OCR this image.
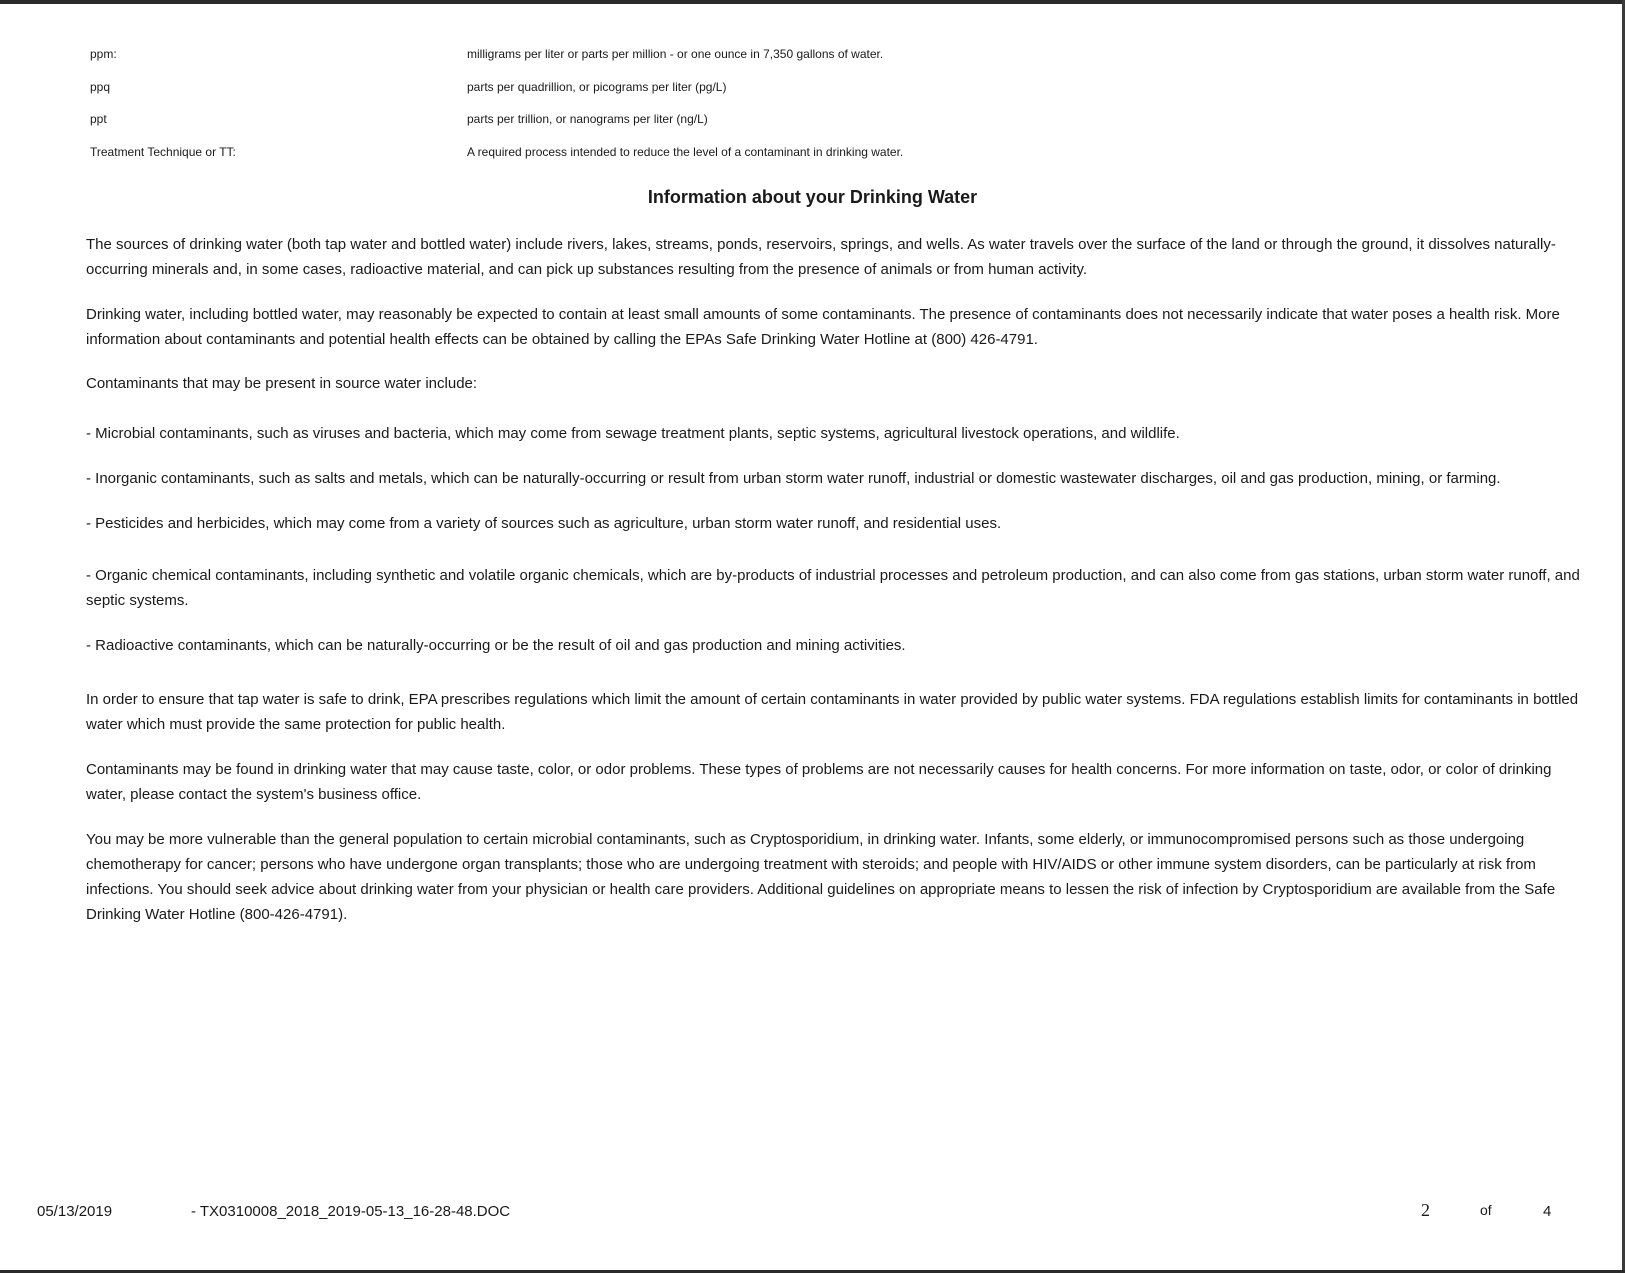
ppm:	milligrams per liter or parts per million - or one ounce in 7,350 gallons of water.
ppq	parts per quadrillion, or picograms per liter (pg/L)
ppt	parts per trillion, or nanograms per liter (ng/L)
Treatment Technique or TT:	A required process intended to reduce the level of a contaminant in drinking water.
Information about your Drinking Water

The sources of drinking water (both tap water and bottled water) include rivers, lakes, streams, ponds, reservoirs, springs, and wells. As water travels over the surface of the land or through the ground, it dissolves naturally-occurring minerals and, in some cases, radioactive material, and can pick up substances resulting from the presence of animals or from human activity.

Drinking water, including bottled water, may reasonably be expected to contain at least small amounts of some contaminants. The presence of contaminants does not necessarily indicate that water poses a health risk. More information about contaminants and potential health effects can be obtained by calling the EPAs Safe Drinking Water Hotline at (800) 426-4791.

Contaminants that may be present in source water include:

- Microbial contaminants, such as viruses and bacteria, which may come from sewage treatment plants, septic systems, agricultural livestock operations, and wildlife.

- Inorganic contaminants, such as salts and metals, which can be naturally-occurring or result from urban storm water runoff, industrial or domestic wastewater discharges, oil and gas production, mining, or farming.

- Pesticides and herbicides, which may come from a variety of sources such as agriculture, urban storm water runoff, and residential uses.

- Organic chemical contaminants, including synthetic and volatile organic chemicals, which are by-products of industrial processes and petroleum production, and can also come from gas stations, urban storm water runoff, and septic systems.

- Radioactive contaminants, which can be naturally-occurring or be the result of oil and gas production and mining activities.

In order to ensure that tap water is safe to drink, EPA prescribes regulations which limit the amount of certain contaminants in water provided by public water systems. FDA regulations establish limits for contaminants in bottled water which must provide the same protection for public health.

Contaminants may be found in drinking water that may cause taste, color, or odor problems. These types of problems are not necessarily causes for health concerns. For more information on taste, odor, or color of drinking water, please contact the system's business office.

You may be more vulnerable than the general population to certain microbial contaminants, such as Cryptosporidium, in drinking water. Infants, some elderly, or immunocompromised persons such as those undergoing chemotherapy for cancer; persons who have undergone organ transplants; those who are undergoing treatment with steroids; and people with HIV/AIDS or other immune system disorders, can be particularly at risk from infections. You should seek advice about drinking water from your physician or health care providers. Additional guidelines on appropriate means to lessen the risk of infection by Cryptosporidium are available from the Safe Drinking Water Hotline (800-426-4791).

05/13/2019	- TX0310008_2018_2019-05-13_16-28-48.DOC	2	of	4
